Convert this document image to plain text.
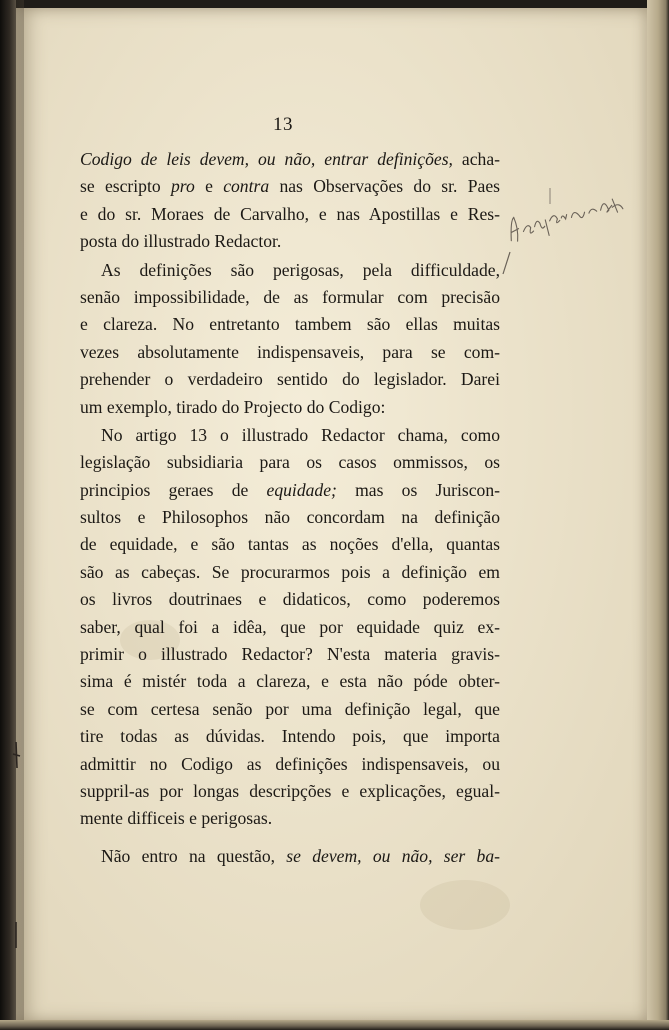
13
Codigo de leis devem, ou não, entrar definições, acha-
se escripto pro e contra nas Observações do sr. Paes
e do sr. Moraes de Carvalho, e nas Apostillas e Res-
posta do illustrado Redactor.
As definições são perigosas, pela difficuldade,
senão impossibilidade, de as formular com precisão
e clareza. No entretanto tambem são ellas muitas
vezes absolutamente indispensaveis, para se com-
prehender o verdadeiro sentido do legislador. Darei
um exemplo, tirado do Projecto do Codigo:
No artigo 13 o illustrado Redactor chama, como
legislação subsidiaria para os casos ommissos, os
principios geraes de equidade; mas os Juriscon-
sultos e Philosophos não concordam na definição
de equidade, e são tantas as noções d'ella, quantas
são as cabeças. Se procurarmos pois a definição em
os livros doutrinaes e didaticos, como poderemos
saber, qual foi a idêa, que por equidade quiz ex-
primir o illustrado Redactor? N'esta materia gravis-
sima é mistér toda a clareza, e esta não póde obter-
se com certesa senão por uma definição legal, que
tire todas as dúvidas. Intendo pois, que importa
admittir no Codigo as definições indispensaveis, ou
suppril-as por longas descripções e explicações, egual-
mente difficeis e perigosas.
Não entro na questão, se devem, ou não, ser ba-
